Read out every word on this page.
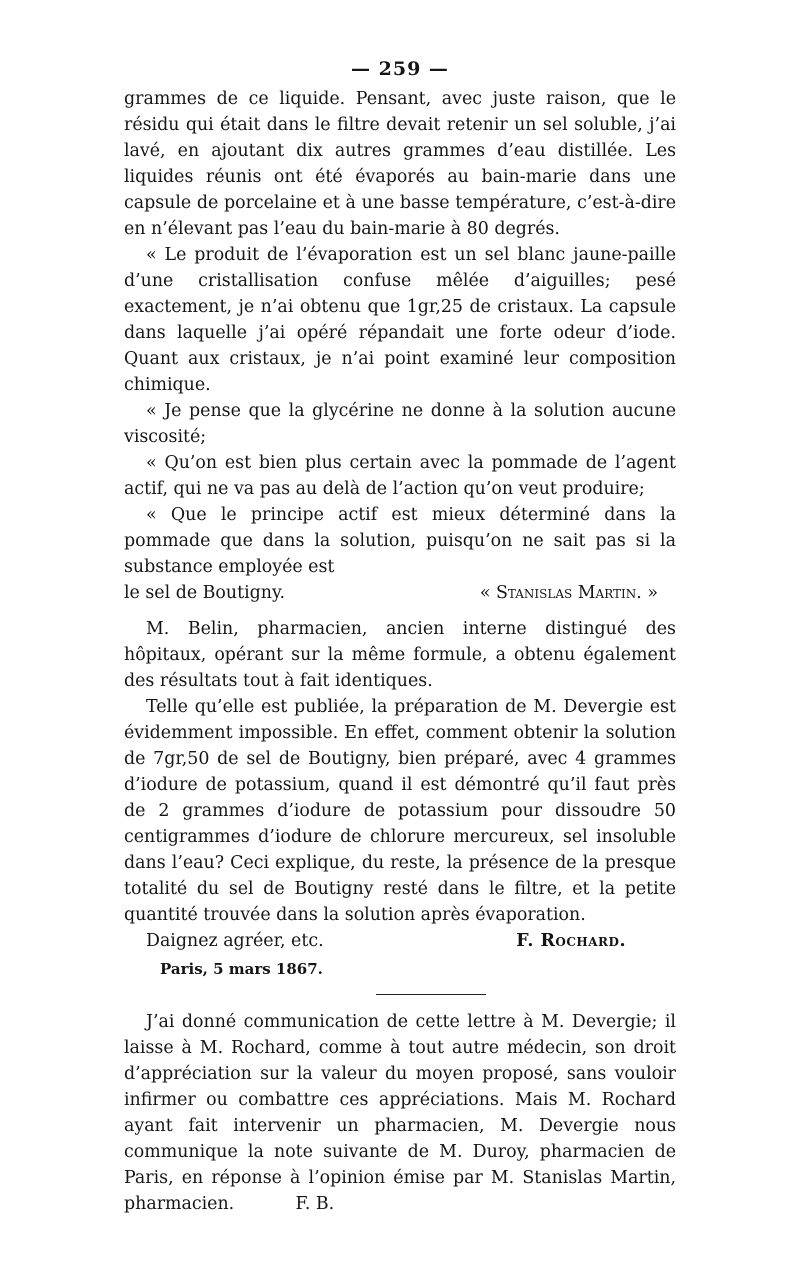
— 259 —

grammes de ce liquide. Pensant, avec juste raison, que le résidu qui était dans le filtre devait retenir un sel soluble, j’ai lavé, en ajoutant dix autres grammes d’eau distillée. Les liquides réunis ont été évaporés au bain-marie dans une capsule de porcelaine et à une basse température, c’est-à-dire en n’élevant pas l’eau du bain-marie à 80 degrés.

« Le produit de l’évaporation est un sel blanc jaune-paille d’une cristallisation confuse mêlée d’aiguilles; pesé exactement, je n’ai obtenu que 1gr,25 de cristaux. La capsule dans laquelle j’ai opéré répandait une forte odeur d’iode. Quant aux cristaux, je n’ai point examiné leur composition chimique.

« Je pense que la glycérine ne donne à la solution aucune viscosité;

« Qu’on est bien plus certain avec la pommade de l’agent actif, qui ne va pas au delà de l’action qu’on veut produire;

« Que le principe actif est mieux déterminé dans la pommade que dans la solution, puisqu’on ne sait pas si la substance employée est

le sel de Boutigny.	« Stanislas Martin. »

M. Belin, pharmacien, ancien interne distingué des hôpitaux, opérant sur la même formule, a obtenu également des résultats tout à fait identiques.

Telle qu’elle est publiée, la préparation de M. Devergie est évidemment impossible. En effet, comment obtenir la solution de 7gr,50 de sel de Boutigny, bien préparé, avec 4 grammes d’iodure de potassium, quand il est démontré qu’il faut près de 2 grammes d’iodure de potassium pour dissoudre 50 centigrammes d’iodure de chlorure mercureux, sel insoluble dans l’eau? Ceci explique, du reste, la présence de la presque totalité du sel de Boutigny resté dans le filtre, et la petite quantité trouvée dans la solution après évaporation.

Daignez agréer, etc.	F. Rochard.

Paris, 5 mars 1867.

J’ai donné communication de cette lettre à M. Devergie; il laisse à M. Rochard, comme à tout autre médecin, son droit d’appréciation sur la valeur du moyen proposé, sans vouloir infirmer ou combattre ces appréciations. Mais M. Rochard ayant fait intervenir un pharmacien, M. Devergie nous communique la note suivante de M. Duroy, pharmacien de Paris, en réponse à l’opinion émise par M. Stanislas Martin, pharmacien.	F. B.
